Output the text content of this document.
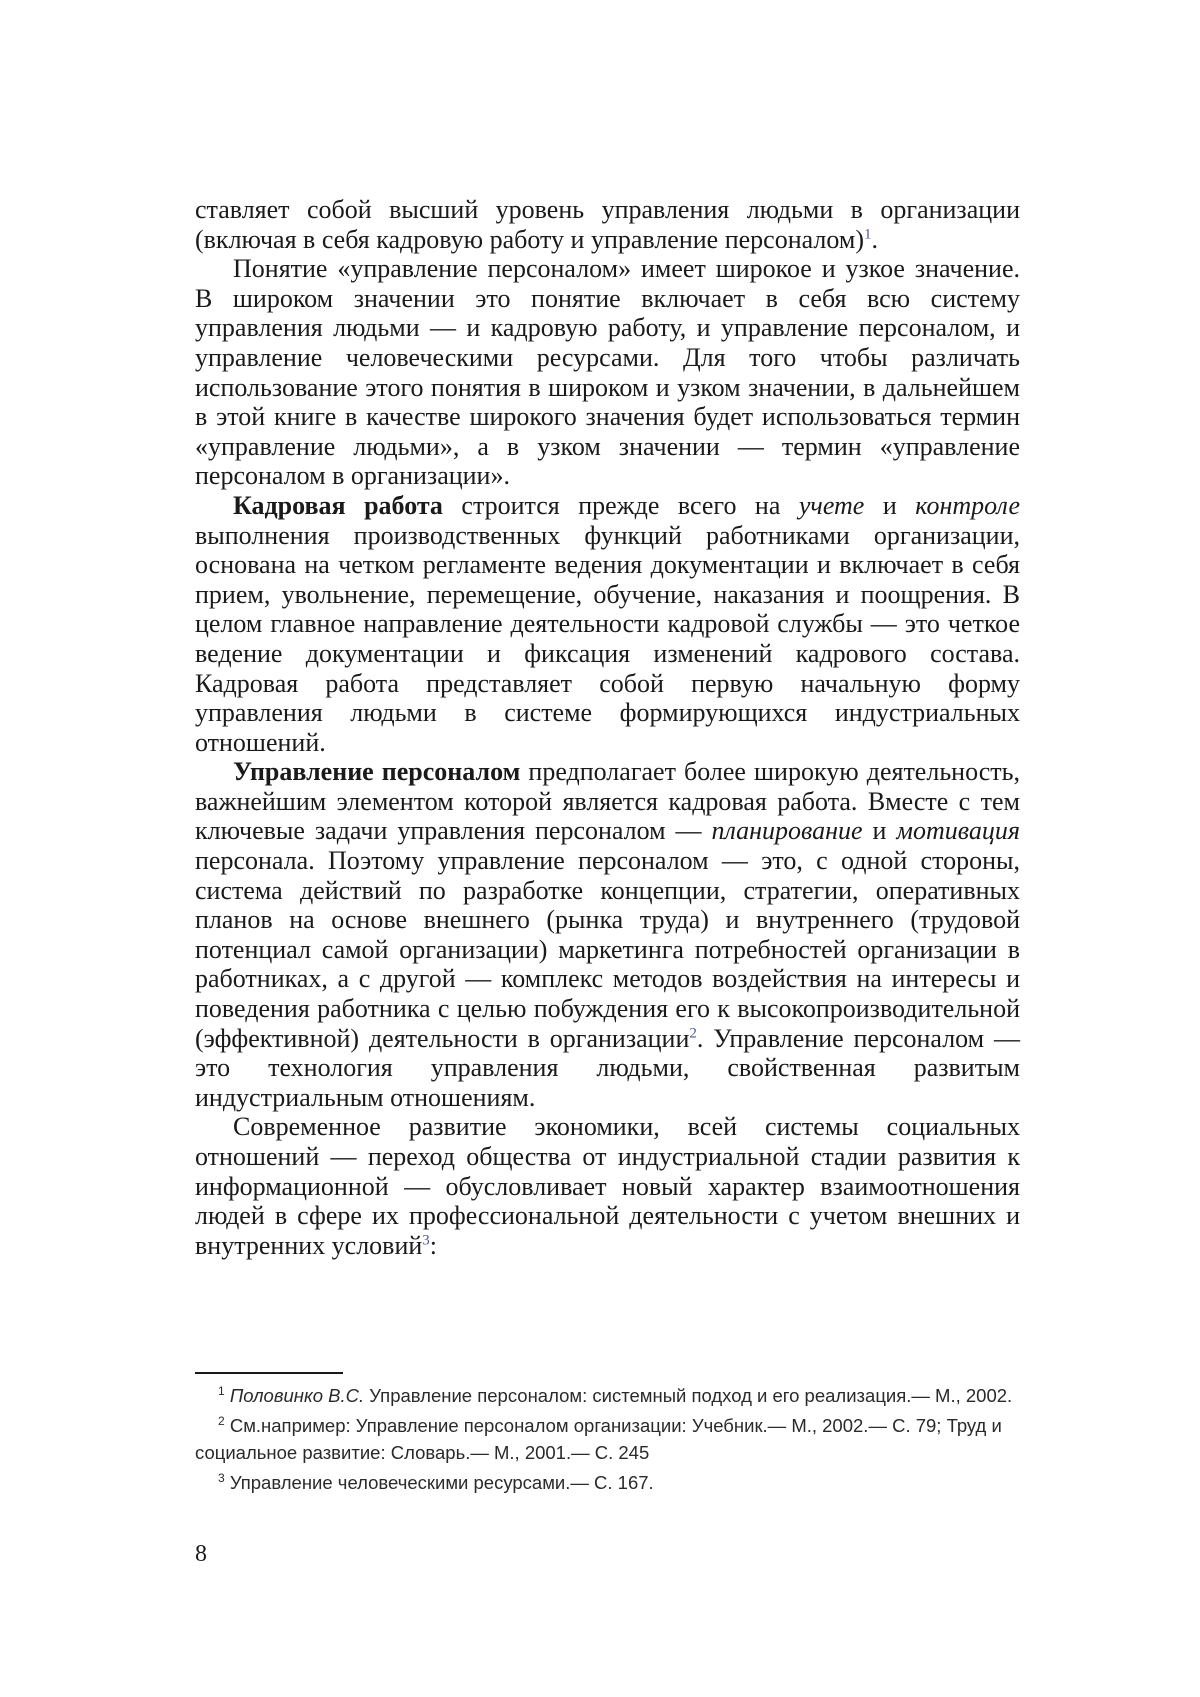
ставляет собой высший уровень управления людьми в организации (включая в себя кадровую работу и управление персоналом)$^1$.

Понятие «управление персоналом» имеет широкое и узкое значение. В широком значении это понятие включает в себя всю систему управления людьми — и кадровую работу, и управление персоналом, и управление человеческими ресурсами. Для того чтобы различать использование этого понятия в широком и узком значении, в дальнейшем в этой книге в качестве широкого значения будет использоваться термин «управление людьми», а в узком значении — термин «управление персоналом в организации».

Кадровая работа строится прежде всего на учете и контроле выполнения производственных функций работниками организации, основана на четком регламенте ведения документации и включает в себя прием, увольнение, перемещение, обучение, наказания и поощрения. В целом главное направление деятельности кадровой службы — это четкое ведение документации и фиксация изменений кадрового состава. Кадровая работа представляет собой первую начальную форму управления людьми в системе формирующихся индустриальных отношений.

Управление персоналом предполагает более широкую деятельность, важнейшим элементом которой является кадровая работа. Вместе с тем ключевые задачи управления персоналом — планирование и мотивация персонала. Поэтому управление персоналом — это, с одной стороны, система действий по разработке концепции, стратегии, оперативных планов на основе внешнего (рынка труда) и внутреннего (трудовой потенциал самой организации) маркетинга потребностей организации в работниках, а с другой — комплекс методов воздействия на интересы и поведения работника с целью побуждения его к высокопроизводительной (эффективной) деятельности в организации$^2$. Управление персоналом — это технология управления людьми, свойственная развитым индустриальным отношениям.

Современное развитие экономики, всей системы социальных отношений — переход общества от индустриальной стадии развития к информационной — обусловливает новый характер взаимоотношения людей в сфере их профессиональной деятельности с учетом внешних и внутренних условий$^3$:

$^1$ Половинко В.С. Управление персоналом: системный подход и его реализация.— М., 2002.

$^2$ См.например: Управление персоналом организации: Учебник.— М., 2002.— С. 79; Труд и социальное развитие: Словарь.— М., 2001.— С. 245

$^3$ Управление человеческими ресурсами.— С. 167.

8
